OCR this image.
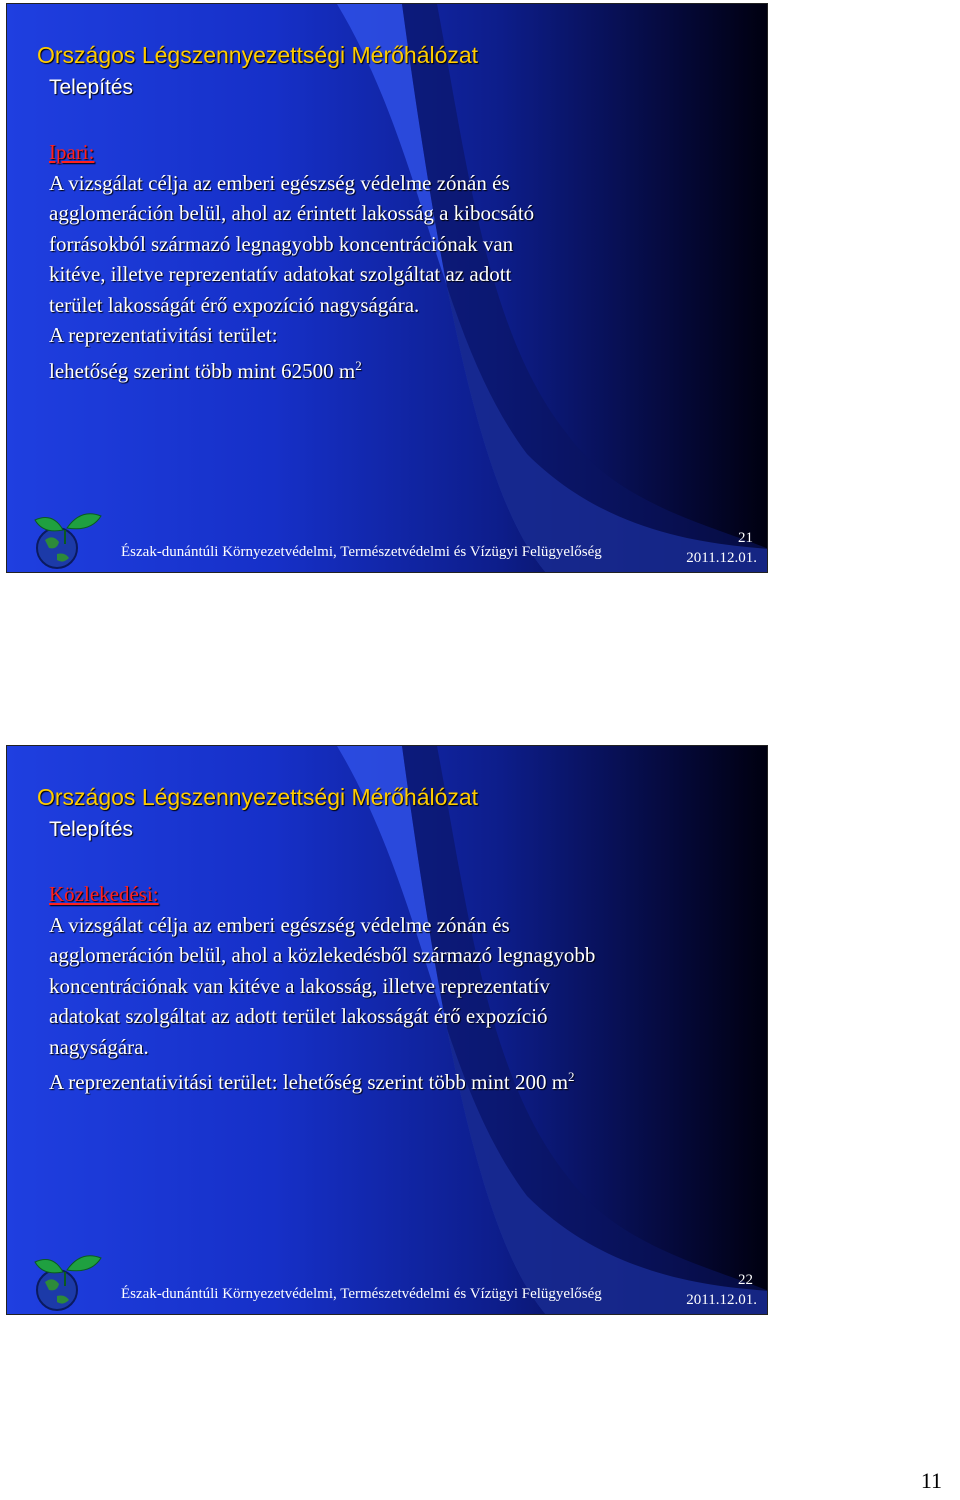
Országos Légszennyezettségi Mérőhálózat
Telepítés
Ipari:

A vizsgálat célja az emberi egészség védelme zónán és

agglomeráción belül, ahol az érintett lakosság a kibocsátó

forrásokból származó legnagyobb koncentrációnak van

kitéve, illetve reprezentatív adatokat szolgáltat az adott

terület lakosságát érő expozíció nagyságára.

A reprezentativitási terület:

lehetőség szerint több mint 62500 $m^2$

Észak-dunántúli Környezetvédelmi, Természetvédelmi és Vízügyi Felügyelőség
21
2011.12.01.
Országos Légszennyezettségi Mérőhálózat
Telepítés
Közlekedési:

A vizsgálat célja az emberi egészség védelme zónán és

agglomeráción belül, ahol a közlekedésből származó legnagyobb

koncentrációnak van kitéve a lakosság, illetve reprezentatív

adatokat szolgáltat az adott terület lakosságát érő expozíció

nagyságára.

A reprezentativitási terület: lehetőség szerint több mint 200 $m^2$

Észak-dunántúli Környezetvédelmi, Természetvédelmi és Vízügyi Felügyelőség
22
2011.12.01.
11
